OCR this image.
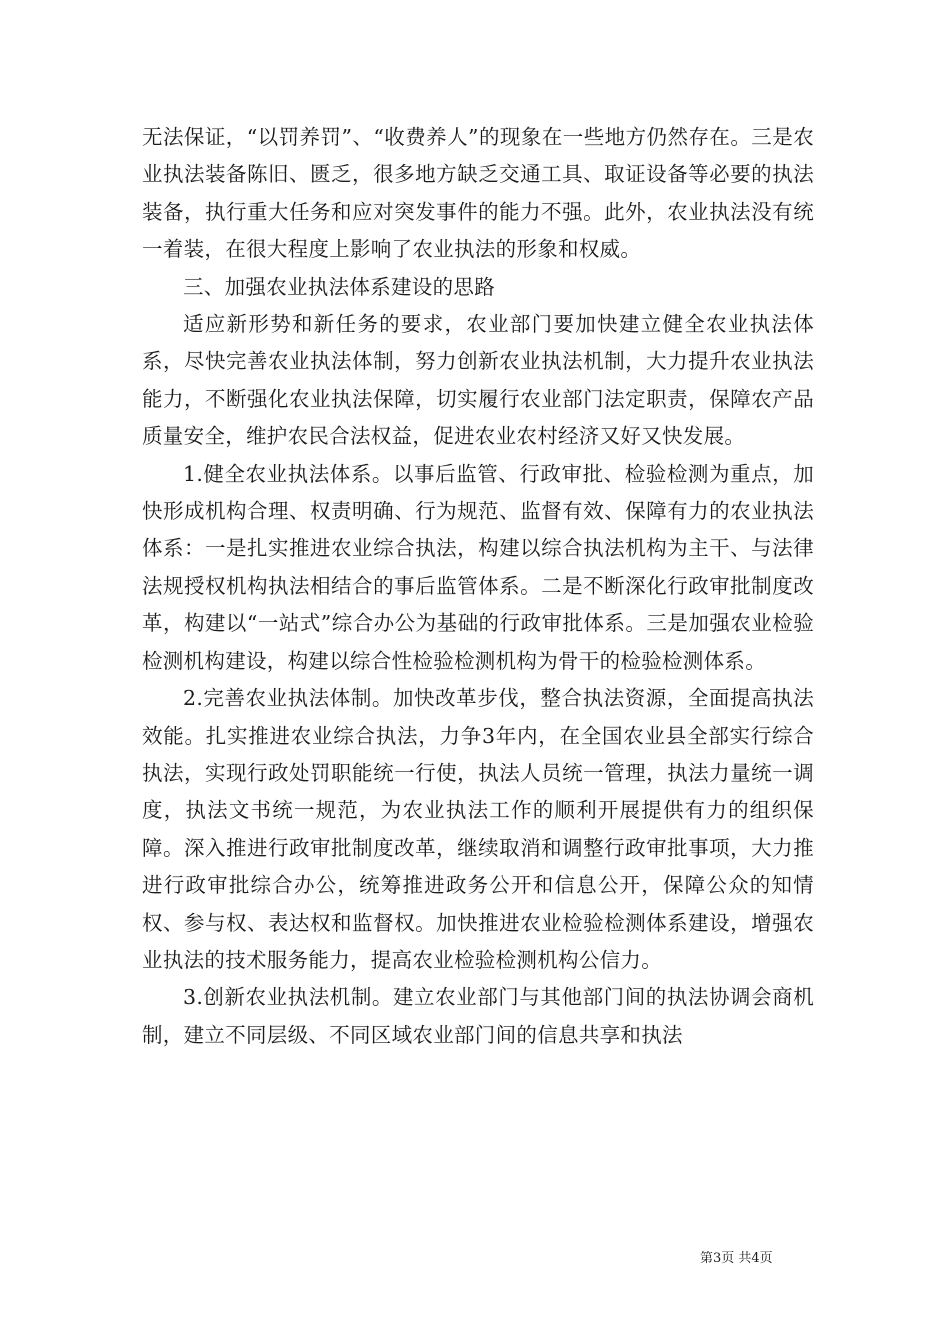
无法保证，“以罚养罚”、“收费养人”的现象在一些地方仍然存在。三是农业执法装备陈旧、匮乏，很多地方缺乏交通工具、取证设备等必要的执法装备，执行重大任务和应对突发事件的能力不强。此外，农业执法没有统一着装，在很大程度上影响了农业执法的形象和权威。

三、加强农业执法体系建设的思路

适应新形势和新任务的要求，农业部门要加快建立健全农业执法体系，尽快完善农业执法体制，努力创新农业执法机制，大力提升农业执法能力，不断强化农业执法保障，切实履行农业部门法定职责，保障农产品质量安全，维护农民合法权益，促进农业农村经济又好又快发展。

1.健全农业执法体系。以事后监管、行政审批、检验检测为重点，加快形成机构合理、权责明确、行为规范、监督有效、保障有力的农业执法体系：一是扎实推进农业综合执法，构建以综合执法机构为主干、与法律法规授权机构执法相结合的事后监管体系。二是不断深化行政审批制度改革，构建以“一站式”综合办公为基础的行政审批体系。三是加强农业检验检测机构建设，构建以综合性检验检测机构为骨干的检验检测体系。

2.完善农业执法体制。加快改革步伐，整合执法资源，全面提高执法效能。扎实推进农业综合执法，力争3年内，在全国农业县全部实行综合执法，实现行政处罚职能统一行使，执法人员统一管理，执法力量统一调度，执法文书统一规范，为农业执法工作的顺利开展提供有力的组织保障。深入推进行政审批制度改革，继续取消和调整行政审批事项，大力推进行政审批综合办公，统筹推进政务公开和信息公开，保障公众的知情权、参与权、表达权和监督权。加快推进农业检验检测体系建设，增强农业执法的技术服务能力，提高农业检验检测机构公信力。

3.创新农业执法机制。建立农业部门与其他部门间的执法协调会商机制，建立不同层级、不同区域农业部门间的信息共享和执法

第3页 共4页
